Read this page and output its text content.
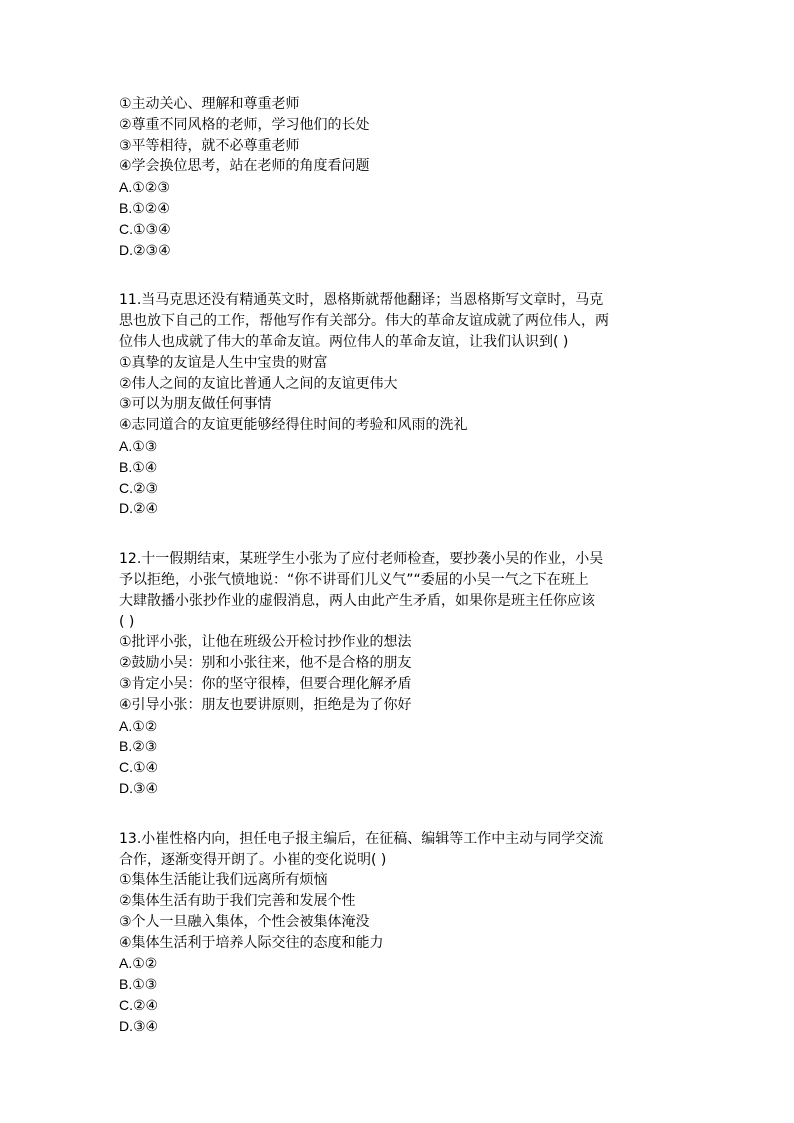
①主动关心、理解和尊重老师
②尊重不同风格的老师，学习他们的长处
③平等相待，就不必尊重老师
④学会换位思考，站在老师的角度看问题
A.①②③
B.①②④
C.①③④
D.②③④
11.当马克思还没有精通英文时，恩格斯就帮他翻译；当恩格斯写文章时，马克
思也放下自己的工作，帮他写作有关部分。伟大的革命友谊成就了两位伟人，两
位伟人也成就了伟大的革命友谊。两位伟人的革命友谊，让我们认识到( )
①真挚的友谊是人生中宝贵的财富
②伟人之间的友谊比普通人之间的友谊更伟大
③可以为朋友做任何事情
④志同道合的友谊更能够经得住时间的考验和风雨的洗礼
A.①③
B.①④
C.②③
D.②④
12.十一假期结束，某班学生小张为了应付老师检查，要抄袭小吴的作业，小吴
予以拒绝，小张气愤地说：“你不讲哥们儿义气”“委屈的小吴一气之下在班上
大肆散播小张抄作业的虚假消息，两人由此产生矛盾，如果你是班主任你应该
( )
①批评小张，让他在班级公开检讨抄作业的想法
②鼓励小吴：别和小张往来，他不是合格的朋友
③肯定小吴：你的坚守很棒，但要合理化解矛盾
④引导小张：朋友也要讲原则，拒绝是为了你好
A.①②
B.②③
C.①④
D.③④
13.小崔性格内向，担任电子报主编后，在征稿、编辑等工作中主动与同学交流
合作，逐渐变得开朗了。小崔的变化说明( )
①集体生活能让我们远离所有烦恼
②集体生活有助于我们完善和发展个性
③个人一旦融入集体，个性会被集体淹没
④集体生活利于培养人际交往的态度和能力
A.①②
B.①③
C.②④
D.③④
